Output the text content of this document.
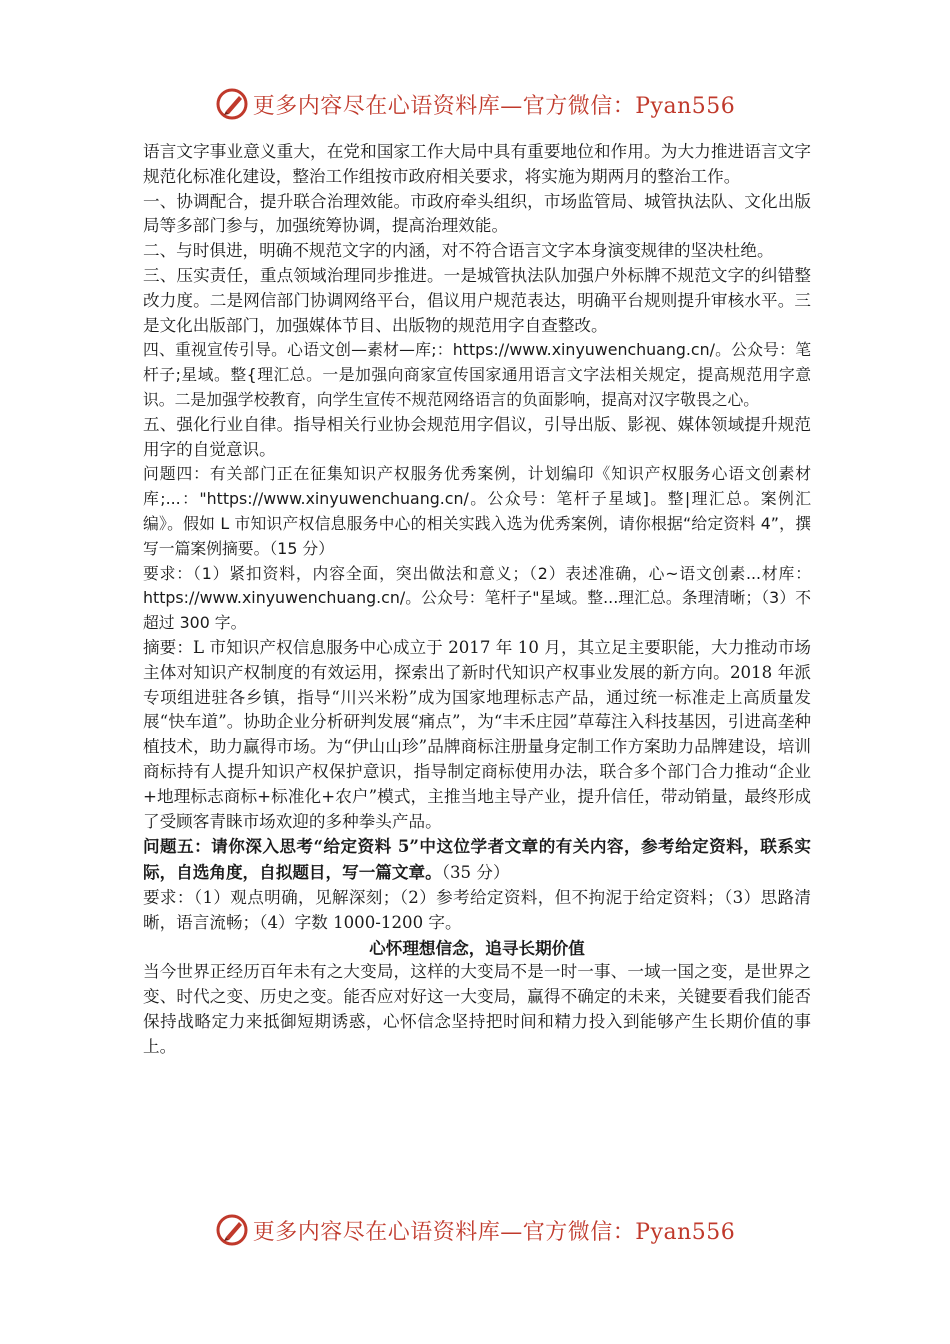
更多内容尽在心语资料库—官方微信：Pyan556

语言文字事业意义重大，在党和国家工作大局中具有重要地位和作用。为大力推进语言文字规范化标准化建设，整治工作组按市政府相关要求，将实施为期两月的整治工作。

一、协调配合，提升联合治理效能。市政府牵头组织，市场监管局、城管执法队、文化出版局等多部门参与，加强统筹协调，提高治理效能。

二、与时俱进，明确不规范文字的内涵，对不符合语言文字本身演变规律的坚决杜绝。

三、压实责任，重点领域治理同步推进。一是城管执法队加强户外标牌不规范文字的纠错整改力度。二是网信部门协调网络平台，倡议用户规范表达，明确平台规则提升审核水平。三是文化出版部门，加强媒体节目、出版物的规范用字自查整改。

四、重视宣传引导。心语文创—素材—库;：https://www.xinyuwenchuang.cn/。公众号：笔杆子;星域。整{理汇总。一是加强向商家宣传国家通用语言文字法相关规定，提高规范用字意识。二是加强学校教育，向学生宣传不规范网络语言的负面影响，提高对汉字敬畏之心。

五、强化行业自律。指导相关行业协会规范用字倡议，引导出版、影视、媒体领域提升规范用字的自觉意识。

问题四：有关部门正在征集知识产权服务优秀案例，计划编印《知识产权服务心语文创素材库;...："https://www.xinyuwenchuang.cn/。公众号：笔杆子星域]。整|理汇总。案例汇编》。假如 L 市知识产权信息服务中心的相关实践入选为优秀案例，请你根据“给定资料 4”，撰写一篇案例摘要。（15 分）

要求：（1）紧扣资料，内容全面，突出做法和意义；（2）表述准确，心~语文创素...材库：https://www.xinyuwenchuang.cn/。公众号：笔杆子"星域。整...理汇总。条理清晰；（3）不超过 300 字。

摘要：L 市知识产权信息服务中心成立于 2017 年 10 月，其立足主要职能，大力推动市场主体对知识产权制度的有效运用，探索出了新时代知识产权事业发展的新方向。2018 年派专项组进驻各乡镇，指导“川兴米粉”成为国家地理标志产品，通过统一标准走上高质量发展“快车道”。协助企业分析研判发展“痛点”，为“丰禾庄园”草莓注入科技基因，引进高垄种植技术，助力赢得市场。为“伊山山珍”品牌商标注册量身定制工作方案助力品牌建设，培训商标持有人提升知识产权保护意识，指导制定商标使用办法，联合多个部门合力推动“企业+地理标志商标+标准化+农户”模式，主推当地主导产业，提升信任，带动销量，最终形成了受顾客青睐市场欢迎的多种拳头产品。

问题五：请你深入思考“给定资料 5”中这位学者文章的有关内容，参考给定资料，联系实际，自选角度，自拟题目，写一篇文章。（35 分）

要求：（1）观点明确，见解深刻；（2）参考给定资料，但不拘泥于给定资料；（3）思路清晰，语言流畅；（4）字数 1000-1200 字。

心怀理想信念，追寻长期价值

当今世界正经历百年未有之大变局，这样的大变局不是一时一事、一域一国之变，是世界之变、时代之变、历史之变。能否应对好这一大变局，赢得不确定的未来，关键要看我们能否保持战略定力来抵御短期诱惑，心怀信念坚持把时间和精力投入到能够产生长期价值的事上。

更多内容尽在心语资料库—官方微信：Pyan556
